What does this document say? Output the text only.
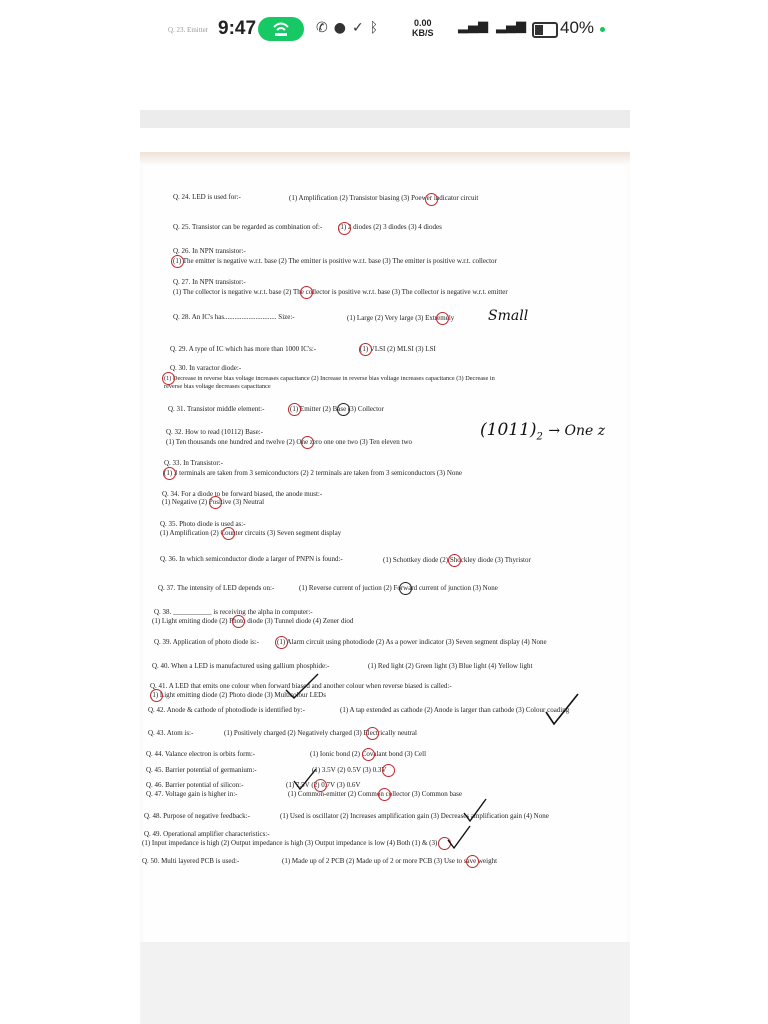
Q. 23. Emitter 9:47	✆ ● ✓ ᛒ	0.00
KB/S ▂▄▆ ▂▄▆ 40%
Q. 24. LED is used for:-	(1) Amplification (2) Transistor biasing (3) Poewer indicator circuit
Q. 25. Transistor can be regarded as combination of:- (1) 2 diodes (2) 3 diodes (3) 4 diodes
Q. 26. In NPN transistor:-
(1) The emitter is negative w.r.t. base (2) The emitter is positive w.r.t. base (3) The emitter is positive w.r.t. collector
Q. 27. In NPN transistor:-
(1) The collector is negative w.r.t. base (2) The collector is positive w.r.t. base (3) The collector is negative w.r.t. emitter
Q. 28. An IC's has.............................. Size:-	(1) Large (2) Very large (3) Extremely
Q. 29. A type of IC which has more than 1000 IC's:-	(1) VLSI (2) MLSI (3) LSI
Q. 30. In varactor diode:-
(1) Decrease in reverse bias voltage increases capacitance (2) Increase in reverse bias voltage increases capacitance (3) Decrease in
reverse bias voltage decreases capacitance
Q. 31. Transistor middle element:-	(1) Emitter (2) Base (3) Collector
Q. 32. How to read (10112) Base:-
(1) Ten thousands one hundred and twelve (2) One zero one one two (3) Ten eleven two
Q. 33. In Transistor:-
(1) 3 terminals are taken from 3 semiconductors (2) 2 terminals are taken from 3 semiconductors (3) None
Q. 34. For a diode to be forward biased, the anode must:-
(1) Negative (2) Positive (3) Neutral
Q. 35. Photo diode is used as:-
(1) Amplification (2) Counter circuits (3) Seven segment display
Q. 36. In which semiconductor diode a larger of PNPN is found:-	(1) Schottkey diode (2) Shockley diode (3) Thyristor
Q. 37. The intensity of LED depends on:-	(1) Reverse current of juction (2) Forward current of junction (3) None
Q. 38. ___________ is receiving the alpha in computer:-
(1) Light emiting diode (2) Photo diode (3) Tunnel diode (4) Zener diod
Q. 39. Application of photo diode is:-	(1) Alarm circuit using photodiode (2) As a power indicator (3) Seven segment display (4) None
Q. 40. When a LED is manufactured using gallium phosphide:-	(1) Red light (2) Green light (3) Blue light (4) Yellow light
Q. 41. A LED that emits one colour when forward biased and another colour when reverse biased is called:-
(1) Light emitting diode (2) Photo diode (3) Multicolour LEDs
Q. 42. Anode & cathode of photodiode is identified by:-	(1) A tap extended as cathode (2) Anode is larger than cathode (3) Colour coading
Q. 43. Atom is:-	(1) Positively charged (2) Negatively charged (3) Electrically neutral
Q. 44. Valance electron is orbits form:-	(1) Ionic bond (2) Covalant bond (3) Cell
Q. 45. Barrier potential of germanium:-	(1) 3.5V (2) 0.5V (3) 0.3V
Q. 46. Barrier potential of silicon:-	(1) 7.5V (2) 0.7V (3) 0.6V
Q. 47. Voltage gain is higher in:-	(1) Common-emitter (2) Common collector (3) Common base
Q. 48. Purpose of negative feedback:-	(1) Used is oscillator (2) Increases amplification gain (3) Decreases amplification gain (4) None
Q. 49. Operational amplifier characteristics:-
(1) Input impedance is high (2) Output impedance is high (3) Output impedance is low (4) Both (1) & (3)
Q. 50. Multi layered PCB is used:-	(1) Made up of 2 PCB (2) Made up of 2 or more PCB (3) Use to save weight
Small
$(1011)_2$ → One z
